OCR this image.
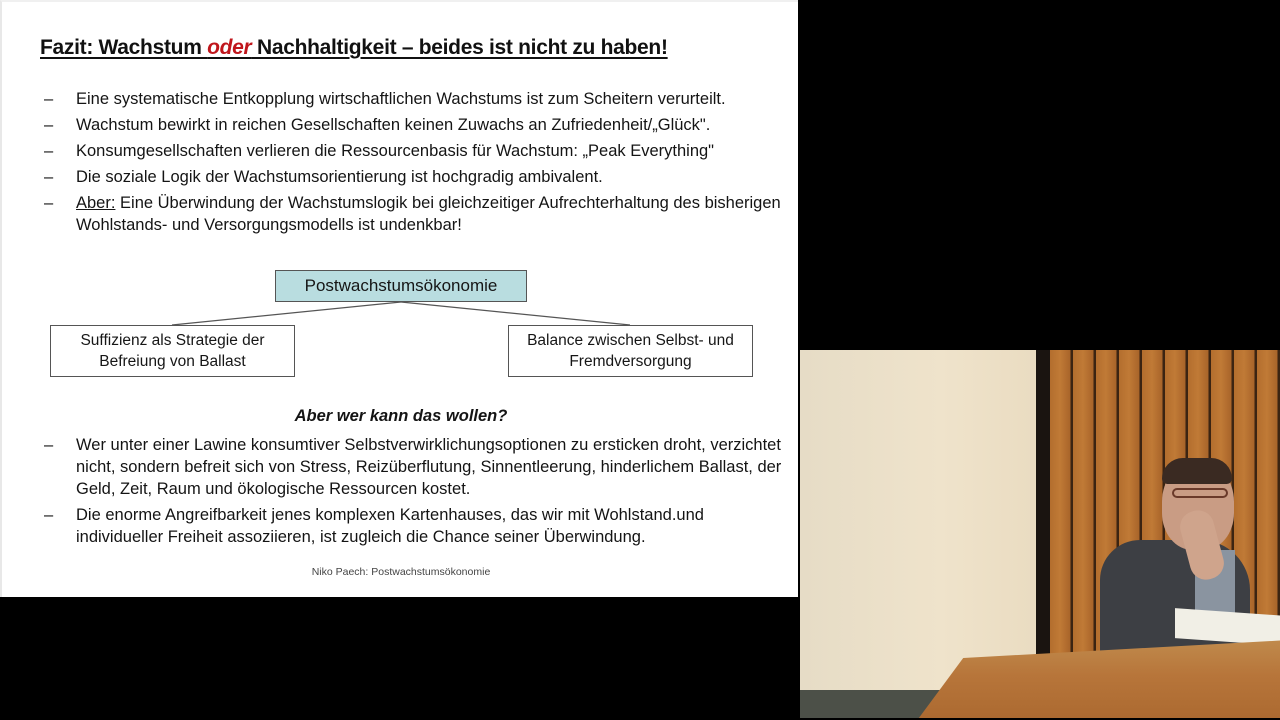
Fazit: Wachstum oder Nachhaltigkeit – beides ist nicht zu haben!
– Eine systematische Entkopplung wirtschaftlichen Wachstums ist zum Scheitern verurteilt.
– Wachstum bewirkt in reichen Gesellschaften keinen Zuwachs an Zufriedenheit/„Glück".
– Konsumgesellschaften verlieren die Ressourcenbasis für Wachstum: „Peak Everything"
– Die soziale Logik der Wachstumsorientierung ist hochgradig ambivalent.
– Aber: Eine Überwindung der Wachstumslogik bei gleichzeitiger Aufrechterhaltung des bisherigen Wohlstands- und Versorgungsmodells ist undenkbar!
Postwachstumsökonomie
Suffizienz als Strategie der Befreiung von Ballast
Balance zwischen Selbst- und Fremdversorgung
Aber wer kann das wollen?
– Wer unter einer Lawine konsumtiver Selbstverwirklichungsoptionen zu ersticken droht, verzichtet nicht, sondern befreit sich von Stress, Reizüberflutung, Sinnentleerung, hinderlichem Ballast, der Geld, Zeit, Raum und ökologische Ressourcen kostet.
– Die enorme Angreifbarkeit jenes komplexen Kartenhauses, das wir mit Wohlstand.und individueller Freiheit assoziieren, ist zugleich die Chance seiner Überwindung.
Niko Paech: Postwachstumsökonomie
